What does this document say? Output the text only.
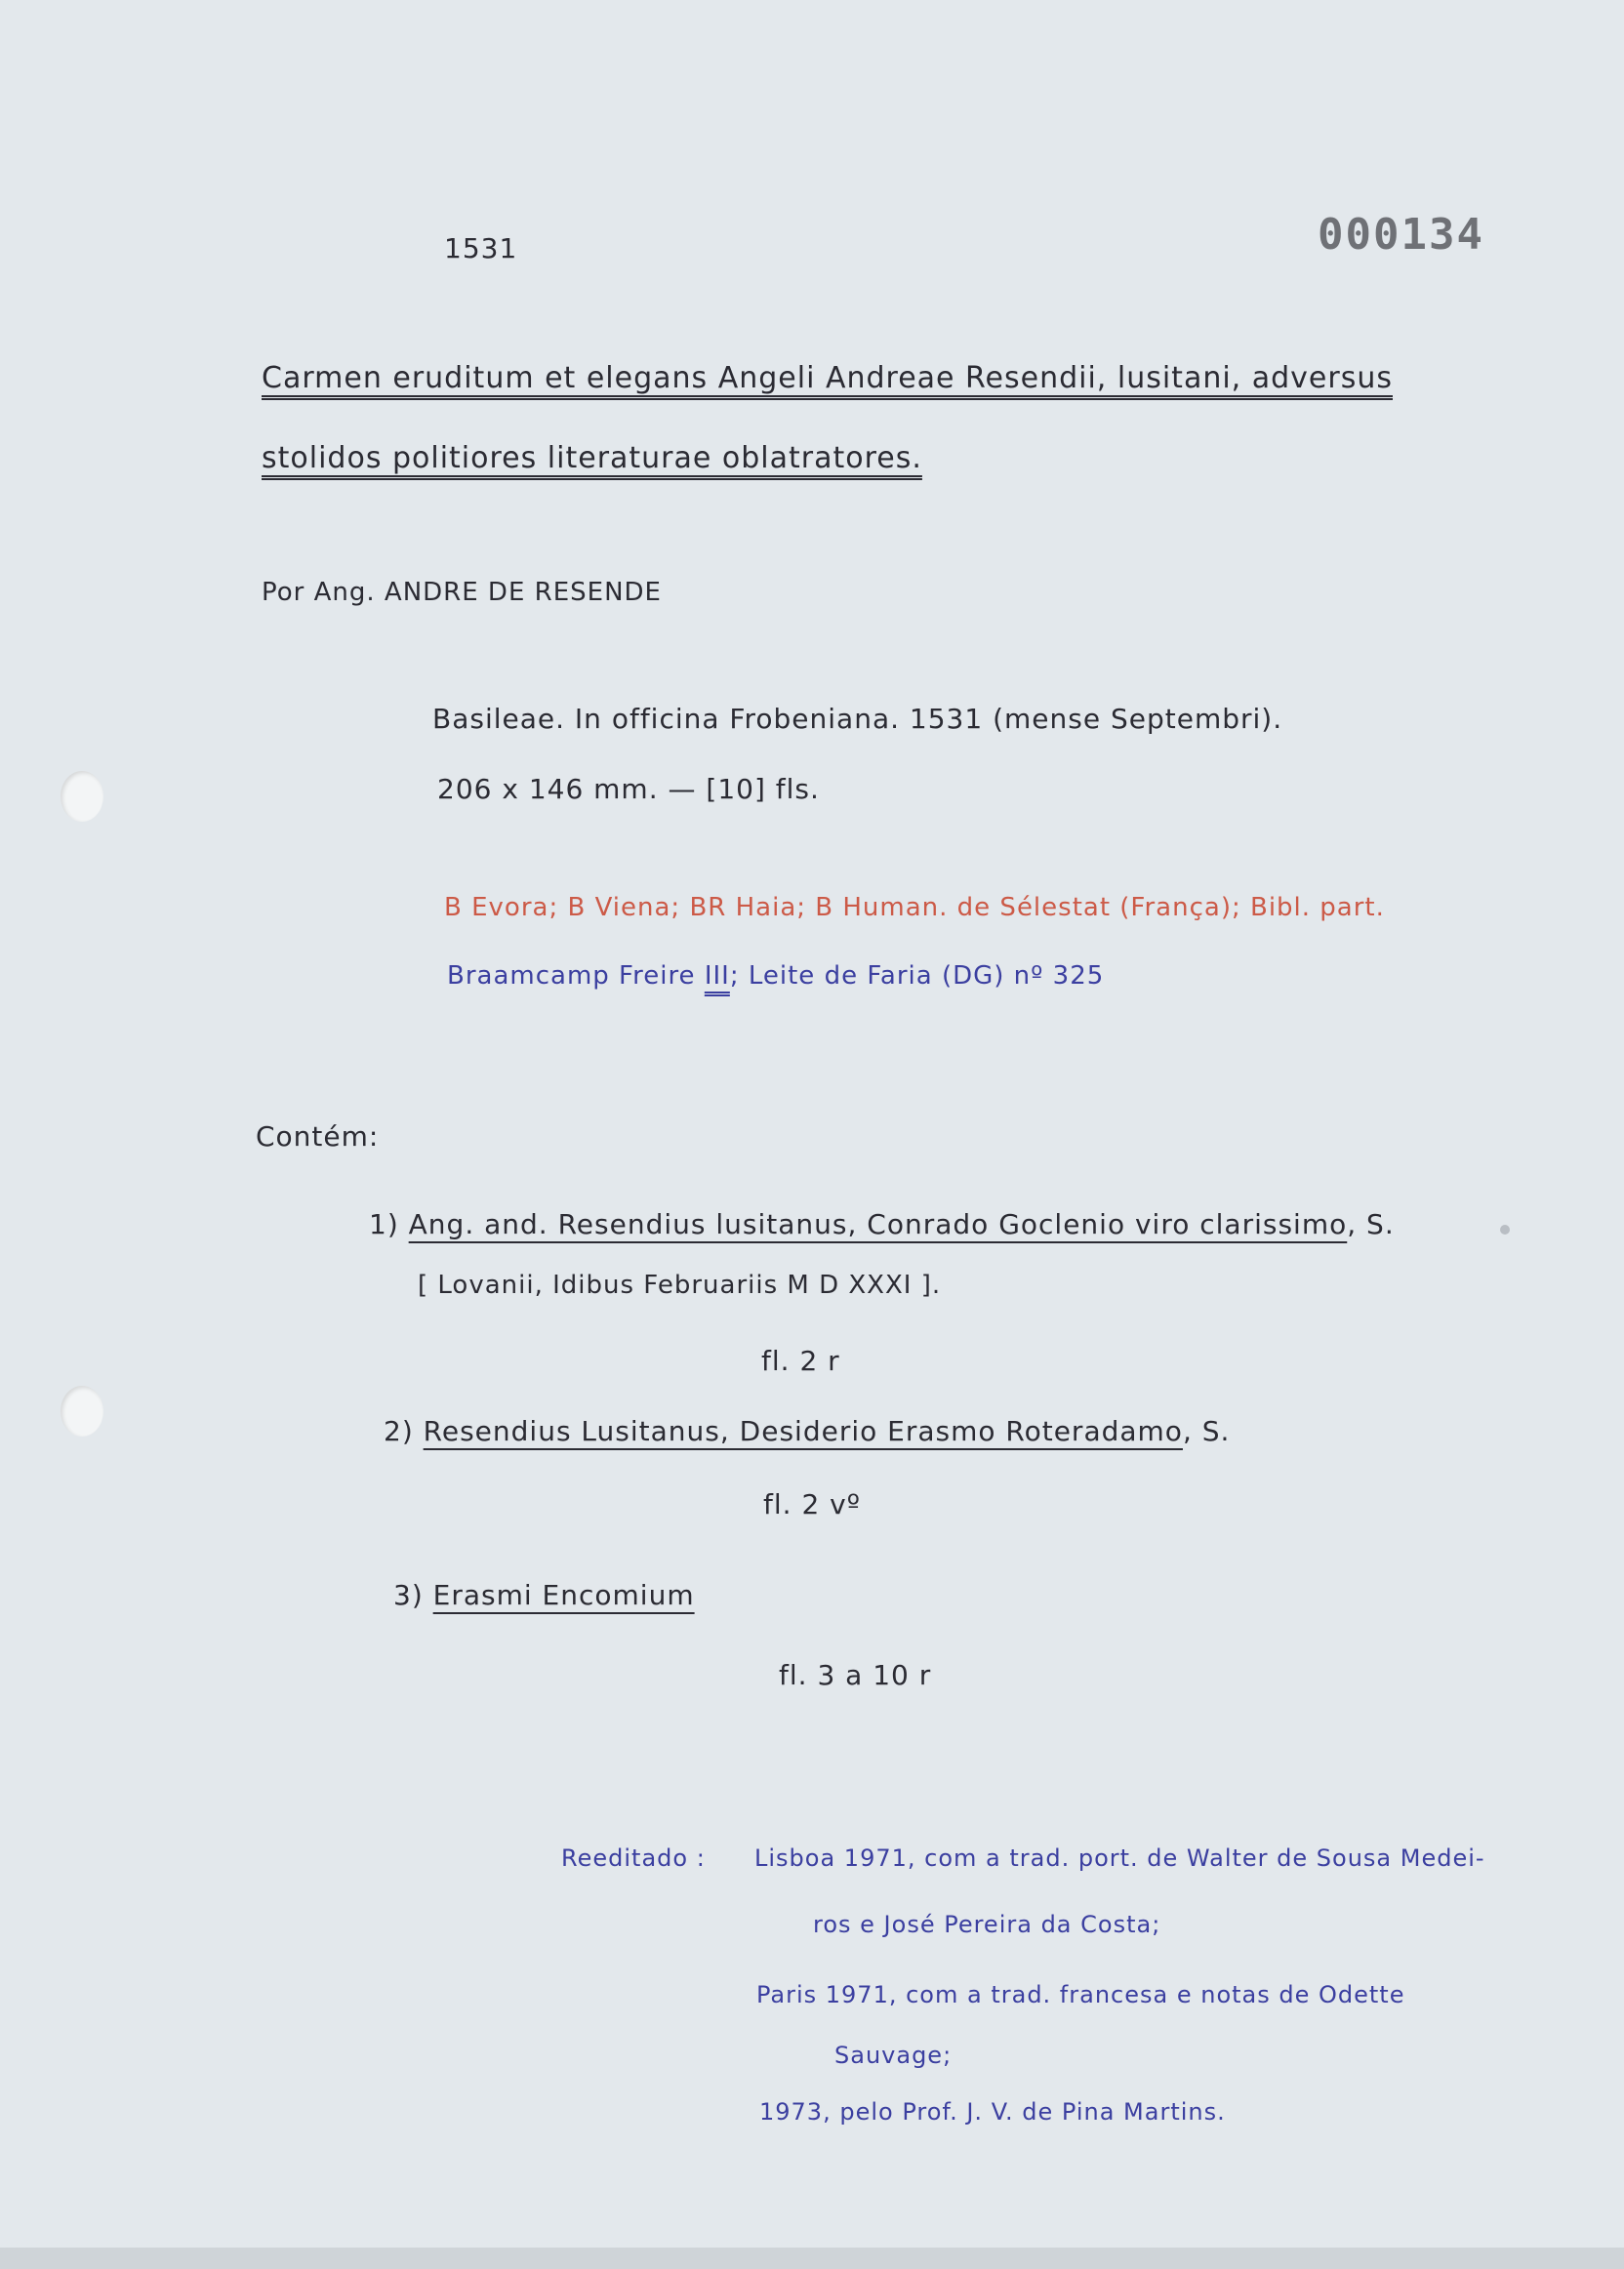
1531	000134
Carmen eruditum et elegans Angeli Andreae Resendii, lusitani, adversus
stolidos politiores literaturae oblatratores.
Por Ang. ANDRE DE RESENDE
Basileae. In officina Frobeniana. 1531 (mense Septembri).
206 x 146 mm. — [10] fls.
B Evora; B Viena; BR Haia; B Human. de Sélestat (França); Bibl. part.
Braamcamp Freire III; Leite de Faria (DG) nº 325
Contém:
1) Ang. and. Resendius lusitanus, Conrado Goclenio viro clarissimo, S.
[ Lovanii, Idibus Februariis M D XXXI ].
fl. 2 r
2) Resendius Lusitanus, Desiderio Erasmo Roteradamo, S.
fl. 2 vº
3) Erasmi Encomium
fl. 3 a 10 r
Reeditado : Lisboa 1971, com a trad. port. de Walter de Sousa Medei-
ros e José Pereira da Costa;
Paris 1971, com a trad. francesa e notas de Odette
Sauvage;
1973, pelo Prof. J. V. de Pina Martins.
